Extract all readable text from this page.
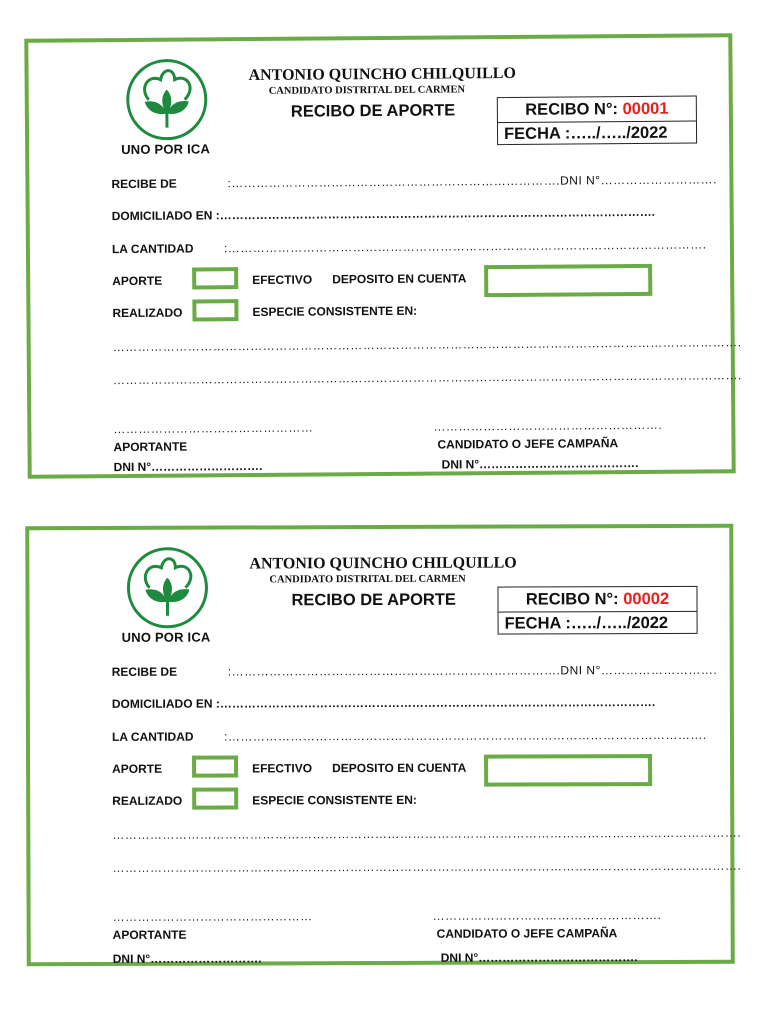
UNO POR ICA
ANTONIO QUINCHO CHILQUILLO
CANDIDATO DISTRITAL DEL CARMEN
RECIBO DE APORTE	RECIBO N°: 00001
FECHA :…../…../2022
RECIBE DE	:…………………………………………………………………….DNI N°……………………….
DOMICILIADO EN :……………………………………………………………………………………………….
LA CANTIDAD	:…………………………………………………………………………………………………….
APORTE	EFECTIVO DEPOSITO EN CUENTA
REALIZADO	ESPECIE CONSISTENTE EN:
…………………………………………………………………………………………………………………………………….
…………………………………………………………………………………………………………………………………….
…………………………………………	……………………………………………….
APORTANTE	CANDIDATO O JEFE CAMPAÑA
DNI N°……………………….	DNI N°………………………………….
UNO POR ICA
ANTONIO QUINCHO CHILQUILLO
CANDIDATO DISTRITAL DEL CARMEN
RECIBO DE APORTE	RECIBO N°: 00002
FECHA :…../…../2022
RECIBE DE	:…………………………………………………………………….DNI N°……………………….
DOMICILIADO EN :……………………………………………………………………………………………….
LA CANTIDAD	:…………………………………………………………………………………………………….
APORTE	EFECTIVO DEPOSITO EN CUENTA
REALIZADO	ESPECIE CONSISTENTE EN:
…………………………………………………………………………………………………………………………………….
…………………………………………………………………………………………………………………………………….
…………………………………………	……………………………………………….
APORTANTE	CANDIDATO O JEFE CAMPAÑA
DNI N°……………………….	DNI N°………………………………….
